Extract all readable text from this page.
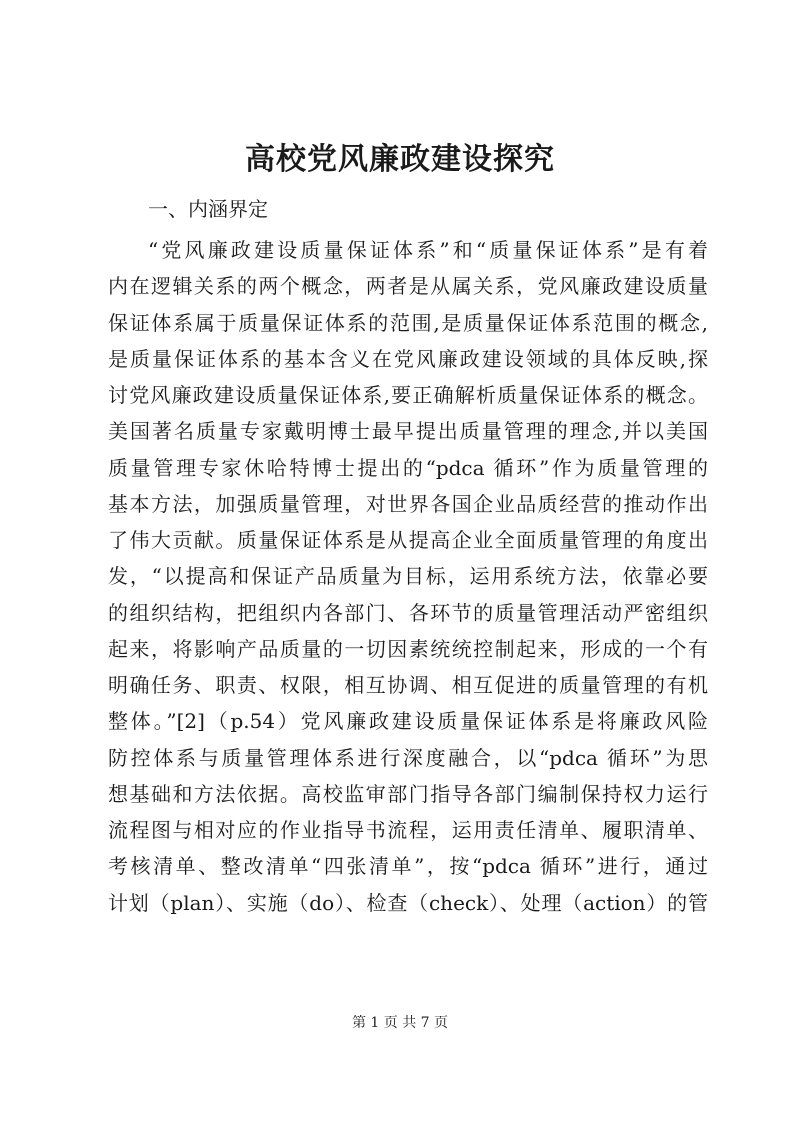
高校党风廉政建设探究
一、内涵界定
“党风廉政建设质量保证体系”和“质量保证体系”是有着
内在逻辑关系的两个概念，两者是从属关系，党风廉政建设质量
保证体系属于质量保证体系的范围,是质量保证体系范围的概念,
是质量保证体系的基本含义在党风廉政建设领域的具体反映,探
讨党风廉政建设质量保证体系,要正确解析质量保证体系的概念。
美国著名质量专家戴明博士最早提出质量管理的理念,并以美国
质量管理专家休哈特博士提出的“pdca 循环”作为质量管理的
基本方法，加强质量管理，对世界各国企业品质经营的推动作出
了伟大贡献。质量保证体系是从提高企业全面质量管理的角度出
发，“以提高和保证产品质量为目标，运用系统方法，依靠必要
的组织结构，把组织内各部门、各环节的质量管理活动严密组织
起来，将影响产品质量的一切因素统统控制起来，形成的一个有
明确任务、职责、权限，相互协调、相互促进的质量管理的有机
整体。”[2]（p.54）党风廉政建设质量保证体系是将廉政风险
防控体系与质量管理体系进行深度融合，以“pdca 循环”为思
想基础和方法依据。高校监审部门指导各部门编制保持权力运行
流程图与相对应的作业指导书流程，运用责任清单、履职清单、
考核清单、整改清单“四张清单”，按“pdca 循环”进行，通过
计划（plan）、实施（do）、检查（check）、处理（action）的管
第 1 页 共 7 页
